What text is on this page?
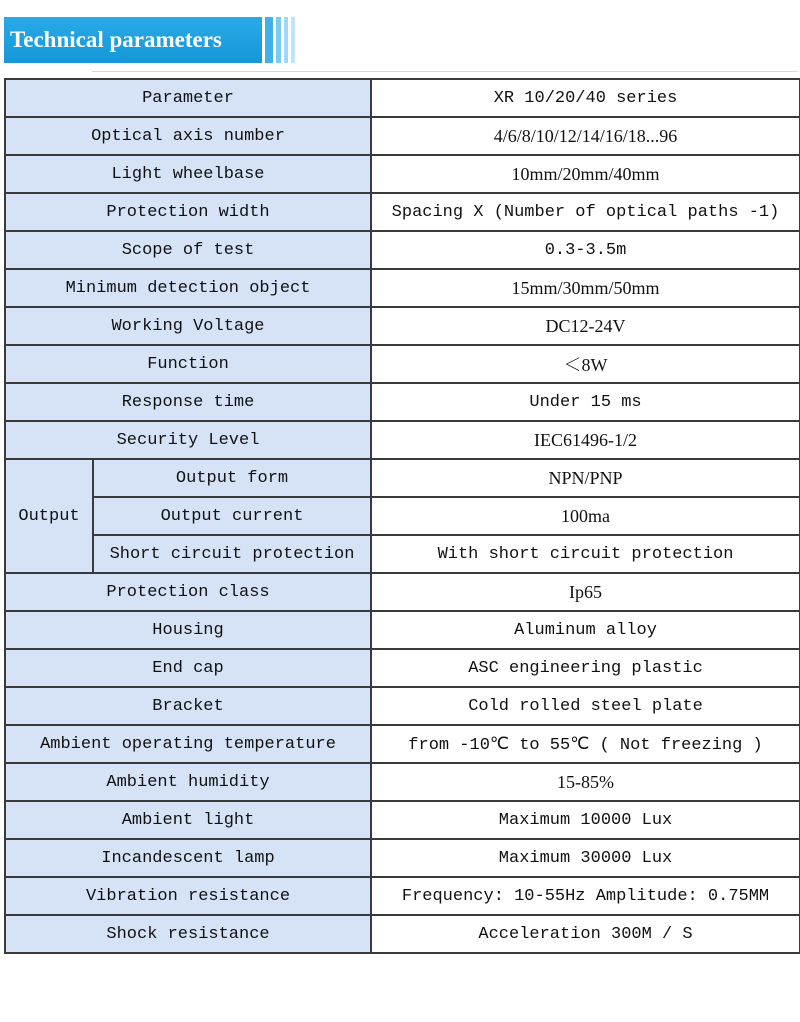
Technical parameters
Parameter		XR 10/20/40 series
Optical axis number		4/6/8/10/12/14/16/18...96
Light wheelbase		10mm/20mm/40mm
Protection width		Spacing X (Number of optical paths -1)
Scope of test		0.3-3.5m
Minimum detection object		15mm/30mm/50mm
Working Voltage		DC12-24V
Function		＜8W
Response time		Under 15 ms
Security Level		IEC61496-1/2
Output	Output form	NPN/PNP
	Output current	100ma
	Short circuit protection	With short circuit protection
Protection class		Ip65
Housing		Aluminum alloy
End cap		ASC engineering plastic
Bracket		Cold rolled steel plate
Ambient operating temperature		from -10℃ to 55℃ ( Not freezing )
Ambient humidity		15-85%
Ambient light		Maximum 10000 Lux
Incandescent lamp		Maximum 30000 Lux
Vibration resistance		Frequency: 10-55Hz Amplitude: 0.75MM
Shock resistance		Acceleration 300M / S
